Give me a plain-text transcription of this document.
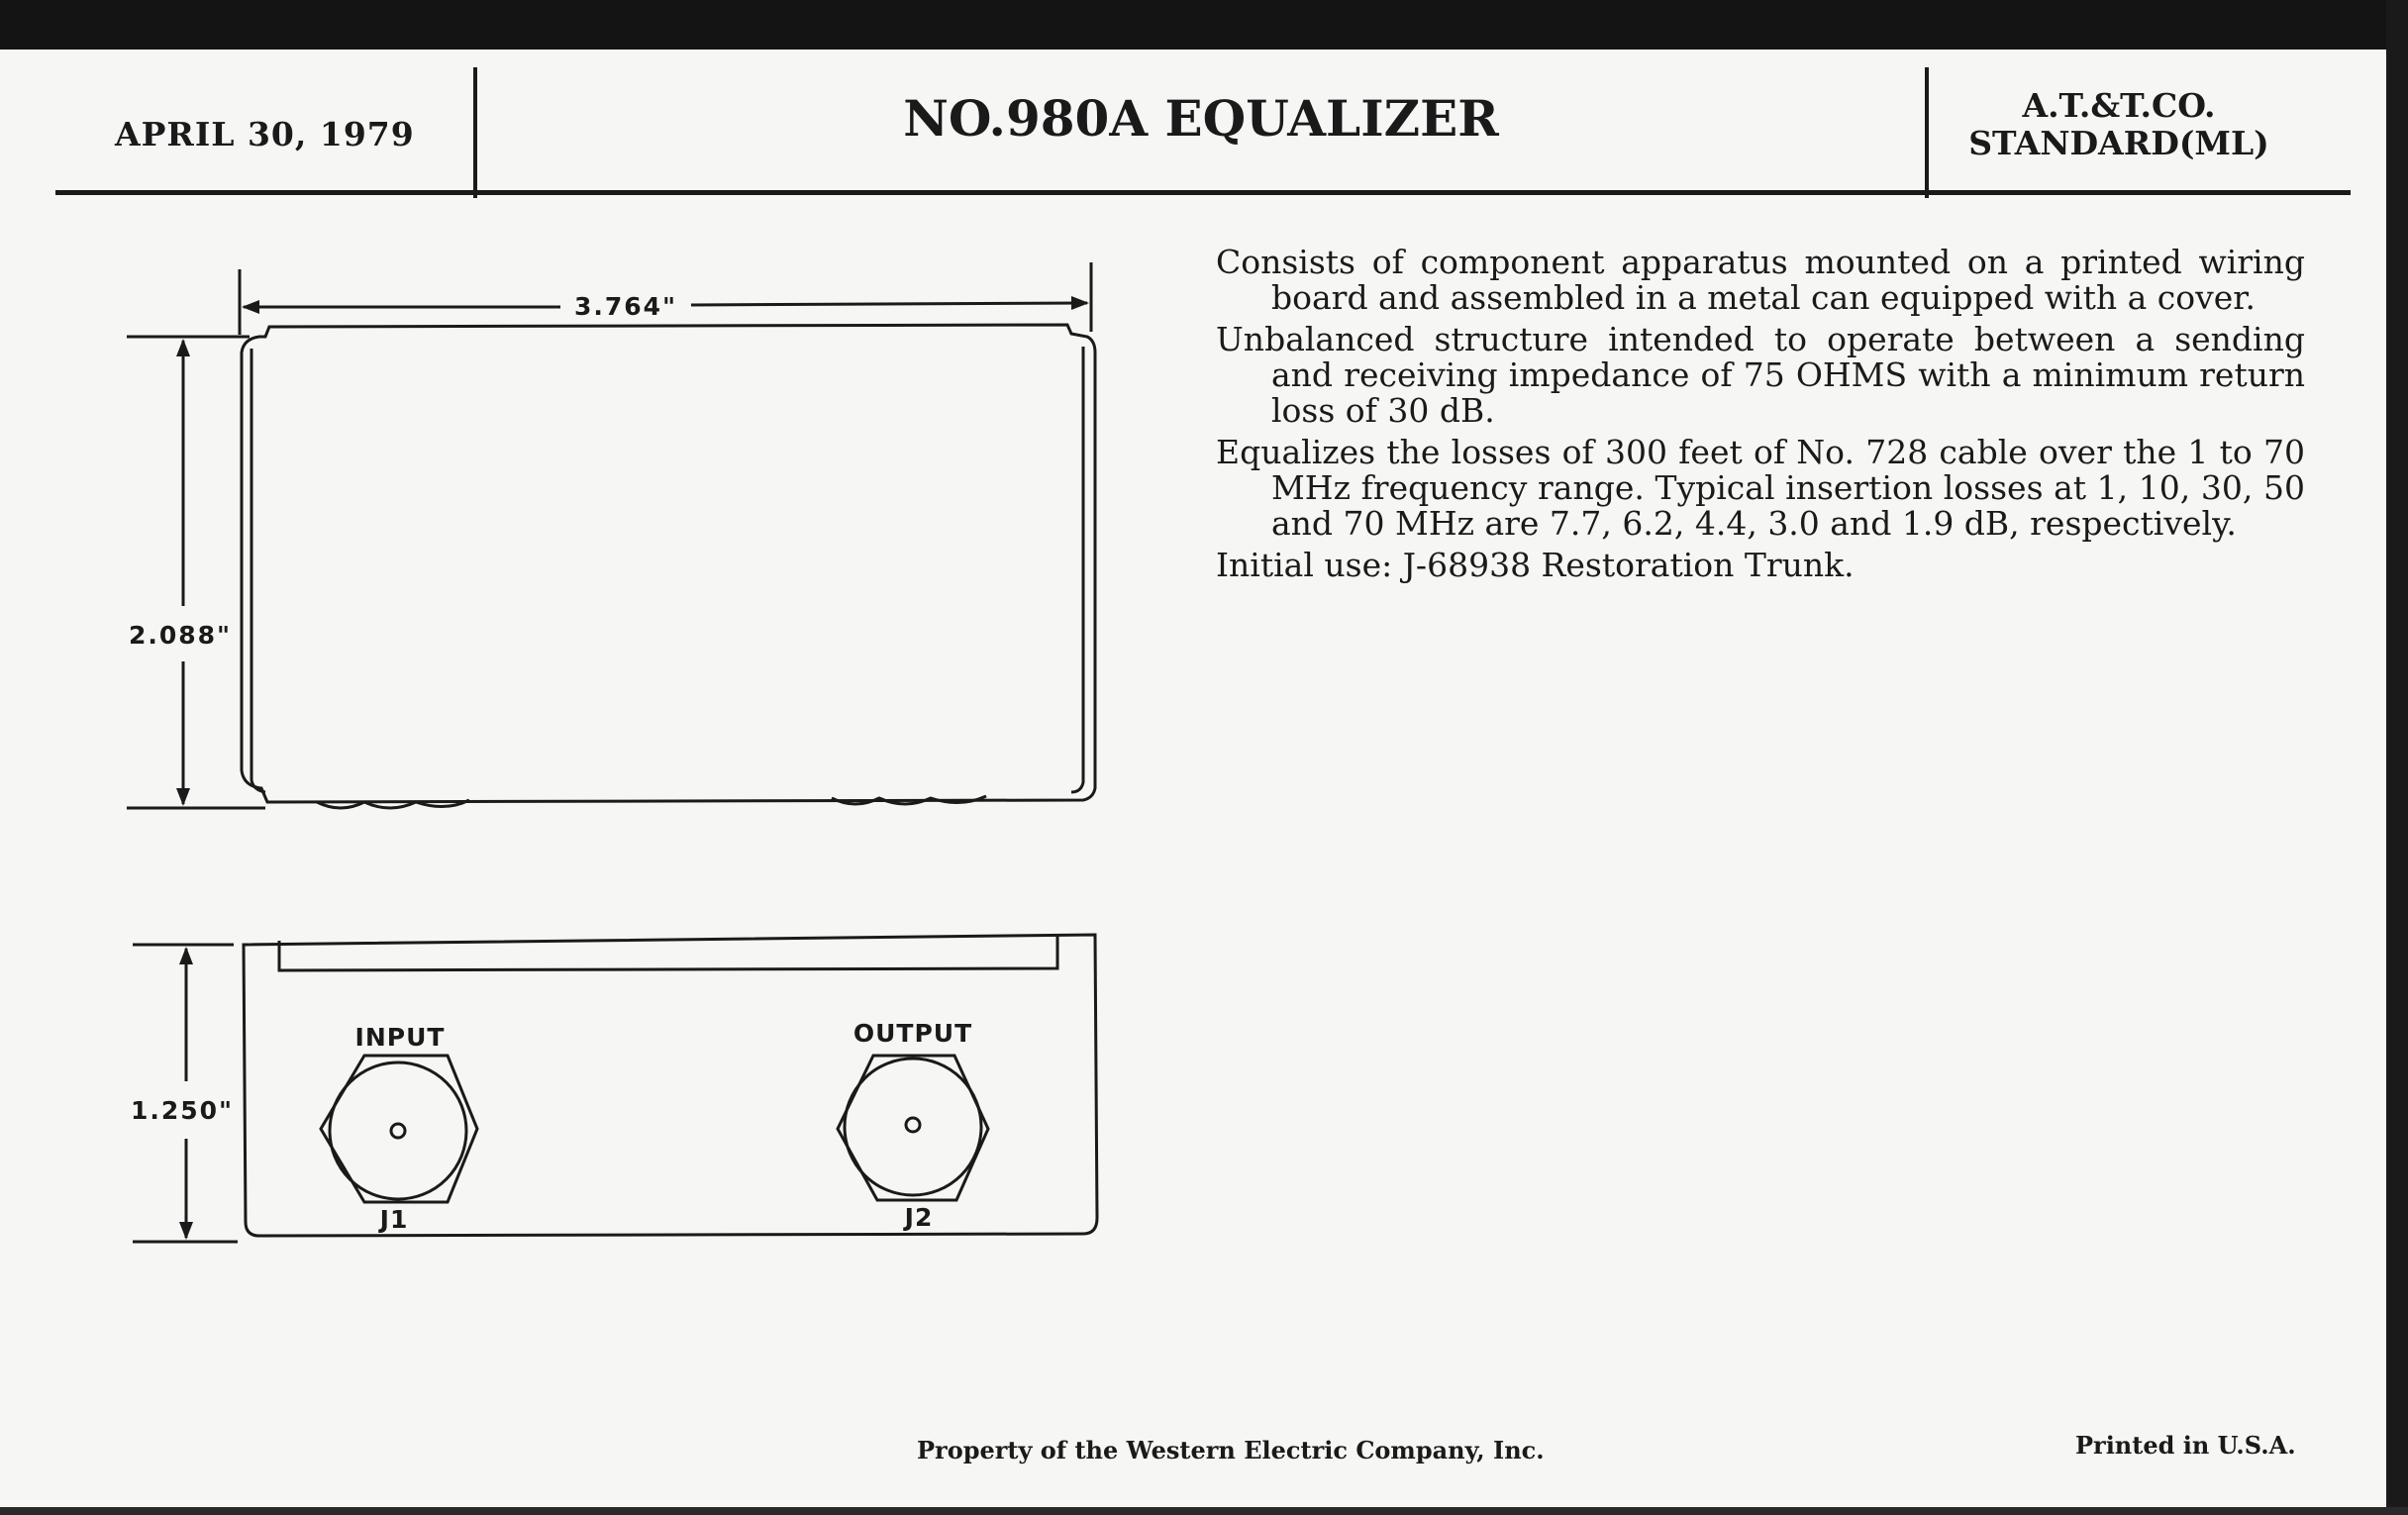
APRIL 30, 1979	NO.980A EQUALIZER	A.T.&T.CO.
STANDARD(ML)
3.764"
2.088"
1.250"
INPUT	OUTPUT
J1	J2

Consists of component apparatus mounted on a printed wiring board and assembled in a metal can equipped with a cover.

Unbalanced structure intended to operate between a sending and receiving impedance of 75 OHMS with a minimum return loss of 30 dB.

Equalizes the losses of 300 feet of No. 728 cable over the 1 to 70 MHz frequency range. Typical insertion losses at 1, 10, 30, 50 and 70 MHz are 7.7, 6.2, 4.4, 3.0 and 1.9 dB, respectively.

Initial use: J-68938 Restoration Trunk.

Property of the Western Electric Company, Inc.	Printed in U.S.A.
